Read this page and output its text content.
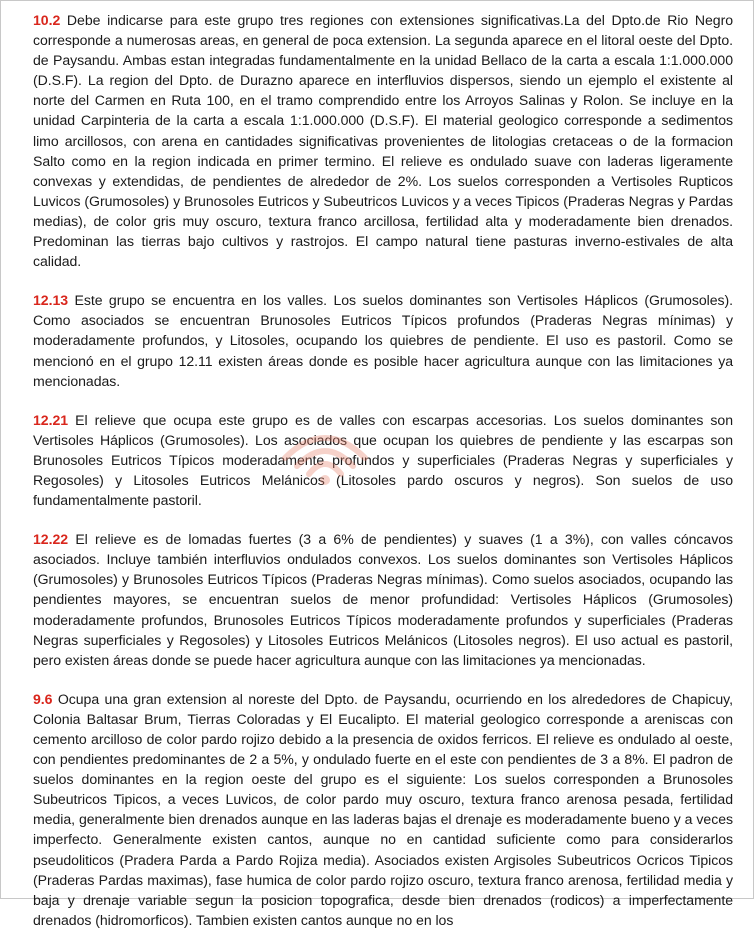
10.2 Debe indicarse para este grupo tres regiones con extensiones significativas.La del Dpto.de Rio Negro corresponde a numerosas areas, en general de poca extension. La segunda aparece en el litoral oeste del Dpto. de Paysandu. Ambas estan integradas fundamentalmente en la unidad Bellaco de la carta a escala 1:1.000.000 (D.S.F). La region del Dpto. de Durazno aparece en interfluvios dispersos, siendo un ejemplo el existente al norte del Carmen en Ruta 100, en el tramo comprendido entre los Arroyos Salinas y Rolon. Se incluye en la unidad Carpinteria de la carta a escala 1:1.000.000 (D.S.F). El material geologico corresponde a sedimentos limo arcillosos, con arena en cantidades significativas provenientes de litologias cretaceas o de la formacion Salto como en la region indicada en primer termino. El relieve es ondulado suave con laderas ligeramente convexas y extendidas, de pendientes de alrededor de 2%. Los suelos corresponden a Vertisoles Rupticos Luvicos (Grumosoles) y Brunosoles Eutricos y Subeutricos Luvicos y a veces Tipicos (Praderas Negras y Pardas medias), de color gris muy oscuro, textura franco arcillosa, fertilidad alta y moderadamente bien drenados. Predominan las tierras bajo cultivos y rastrojos. El campo natural tiene pasturas inverno-estivales de alta calidad.

12.13 Este grupo se encuentra en los valles. Los suelos dominantes son Vertisoles Háplicos (Grumosoles). Como asociados se encuentran Brunosoles Eutricos Típicos profundos (Praderas Negras mínimas) y moderadamente profundos, y Litosoles, ocupando los quiebres de pendiente. El uso es pastoril. Como se mencionó en el grupo 12.11 existen áreas donde es posible hacer agricultura aunque con las limitaciones ya mencionadas.

12.21 El relieve que ocupa este grupo es de valles con escarpas accesorias. Los suelos dominantes son Vertisoles Háplicos (Grumosoles). Los asociados que ocupan los quiebres de pendiente y las escarpas son Brunosoles Eutricos Típicos moderadamente profundos y superficiales (Praderas Negras y superficiales y Regosoles) y Litosoles Eutricos Melánicos (Litosoles pardo oscuros y negros). Son suelos de uso fundamentalmente pastoril.

12.22 El relieve es de lomadas fuertes (3 a 6% de pendientes) y suaves (1 a 3%), con valles cóncavos asociados. Incluye también interfluvios ondulados convexos. Los suelos dominantes son Vertisoles Háplicos (Grumosoles) y Brunosoles Eutricos Típicos (Praderas Negras mínimas). Como suelos asociados, ocupando las pendientes mayores, se encuentran suelos de menor profundidad: Vertisoles Háplicos (Grumosoles) moderadamente profundos, Brunosoles Eutricos Típicos moderadamente profundos y superficiales (Praderas Negras superficiales y Regosoles) y Litosoles Eutricos Melánicos (Litosoles negros). El uso actual es pastoril, pero existen áreas donde se puede hacer agricultura aunque con las limitaciones ya mencionadas.

9.6 Ocupa una gran extension al noreste del Dpto. de Paysandu, ocurriendo en los alrededores de Chapicuy, Colonia Baltasar Brum, Tierras Coloradas y El Eucalipto. El material geologico corresponde a areniscas con cemento arcilloso de color pardo rojizo debido a la presencia de oxidos ferricos. El relieve es ondulado al oeste, con pendientes predominantes de 2 a 5%, y ondulado fuerte en el este con pendientes de 3 a 8%. El padron de suelos dominantes en la region oeste del grupo es el siguiente: Los suelos corresponden a Brunosoles Subeutricos Tipicos, a veces Luvicos, de color pardo muy oscuro, textura franco arenosa pesada, fertilidad media, generalmente bien drenados aunque en las laderas bajas el drenaje es moderadamente bueno y a veces imperfecto. Generalmente existen cantos, aunque no en cantidad suficiente como para considerarlos pseudoliticos (Pradera Parda a Pardo Rojiza media). Asociados existen Argisoles Subeutricos Ocricos Tipicos (Praderas Pardas maximas), fase humica de color pardo rojizo oscuro, textura franco arenosa, fertilidad media y baja y drenaje variable segun la posicion topografica, desde bien drenados (rodicos) a imperfectamente drenados (hidromorficos). Tambien existen cantos aunque no en los
